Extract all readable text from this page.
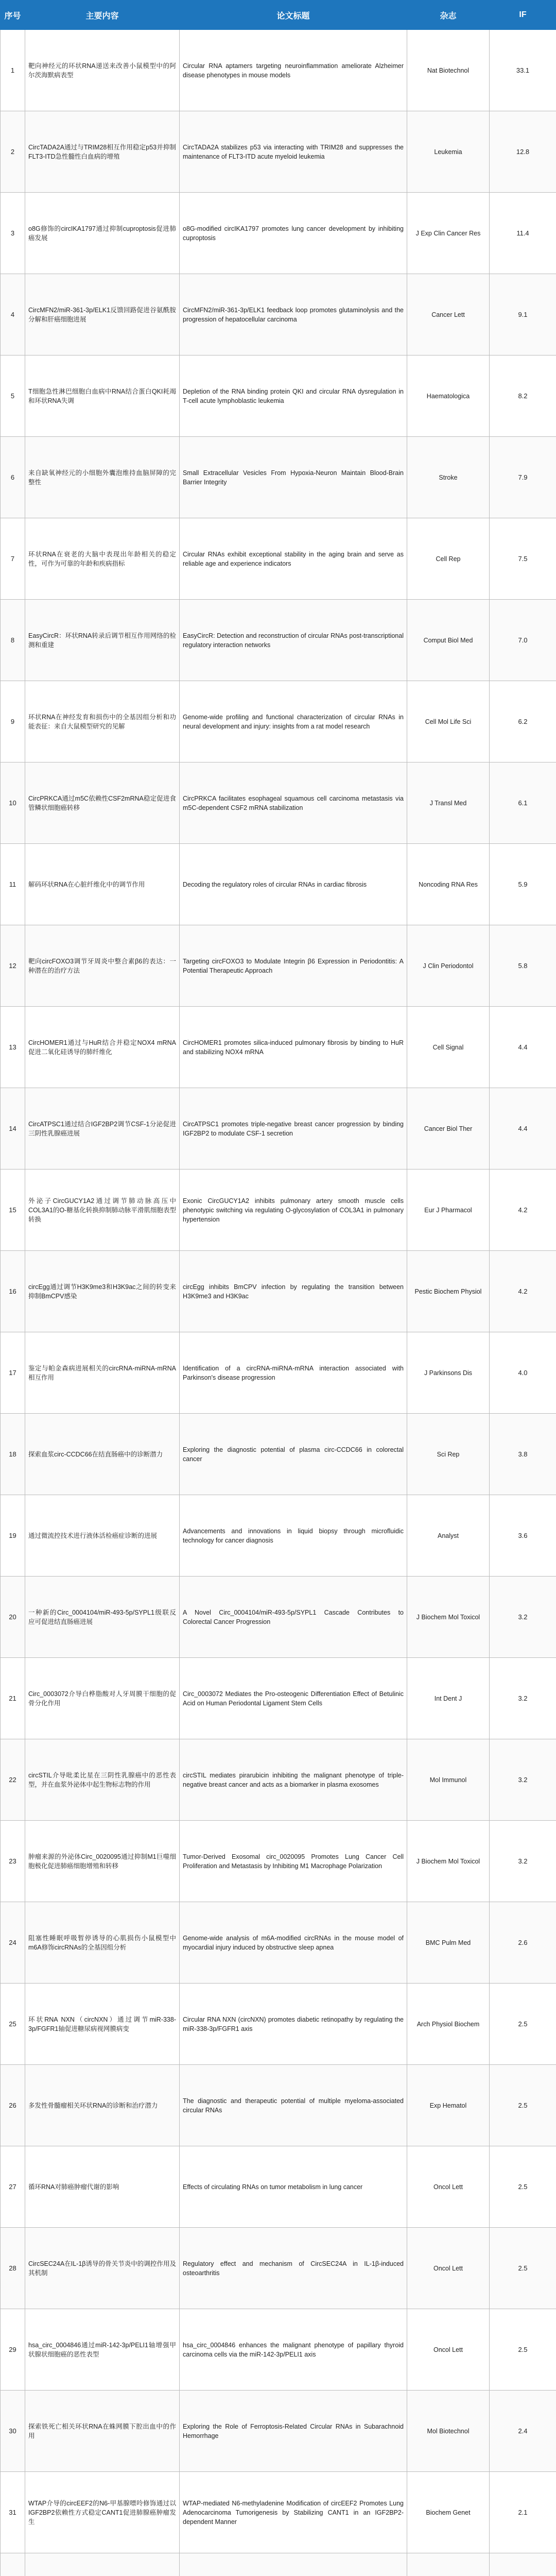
序号	主要内容	论文标题	杂志	IF
1	靶向神经元的环状RNA递送来改善小鼠模型中的阿尔茨海默病表型	Circular RNA aptamers targeting neuroinflammation ameliorate Alzheimer disease phenotypes in mouse models	Nat Biotechnol	33.1
2	CircTADA2A通过与TRIM28相互作用稳定p53并抑制FLT3-ITD急性髓性白血病的增殖	CircTADA2A stabilizes p53 via interacting with TRIM28 and suppresses the maintenance of FLT3-ITD acute myeloid leukemia	Leukemia	12.8
3	o8G修饰的circIKA1797通过抑制cuproptosis促进肺癌发展	o8G-modified circIKA1797 promotes lung cancer development by inhibiting cuproptosis	J Exp Clin Cancer Res	11.4
4	CircMFN2/miR-361-3p/ELK1反馈回路促进谷氨酰胺分解和肝癌细胞进展	CircMFN2/miR-361-3p/ELK1 feedback loop promotes glutaminolysis and the progression of hepatocellular carcinoma	Cancer Lett	9.1
5	T细胞急性淋巴细胞白血病中RNA结合蛋白QKI耗竭和环状RNA失调	Depletion of the RNA binding protein QKI and circular RNA dysregulation in T-cell acute lymphoblastic leukemia	Haematologica	8.2
6	来自缺氧神经元的小细胞外囊泡维持血脑屏障的完整性	Small Extracellular Vesicles From Hypoxia-Neuron Maintain Blood-Brain Barrier Integrity	Stroke	7.9
7	环状RNA在衰老的大脑中表现出年龄相关的稳定性，可作为可靠的年龄和疾病指标	Circular RNAs exhibit exceptional stability in the aging brain and serve as reliable age and experience indicators	Cell Rep	7.5
8	EasyCircR：环状RNA转录后调节相互作用网络的检测和重建	EasyCircR: Detection and reconstruction of circular RNAs post-transcriptional regulatory interaction networks	Comput Biol Med	7.0
9	环状RNA在神经发育和损伤中的全基因组分析和功能表征：来自大鼠模型研究的见解	Genome-wide profiling and functional characterization of circular RNAs in neural development and injury: insights from a rat model research	Cell Mol Life Sci	6.2
10	CircPRKCA通过m5C依赖性CSF2mRNA稳定促进食管鳞状细胞癌转移	CircPRKCA facilitates esophageal squamous cell carcinoma metastasis via m5C-dependent CSF2 mRNA stabilization	J Transl Med	6.1
11	解码环状RNA在心脏纤维化中的调节作用	Decoding the regulatory roles of circular RNAs in cardiac fibrosis	Noncoding RNA Res	5.9
12	靶向circFOXO3调节牙周炎中整合素β6的表达：一种潜在的治疗方法	Targeting circFOXO3 to Modulate Integrin β6 Expression in Periodontitis: A Potential Therapeutic Approach	J Clin Periodontol	5.8
13	CircHOMER1通过与HuR结合并稳定NOX4 mRNA促进二氧化硅诱导的肺纤维化	CircHOMER1 promotes silica-induced pulmonary fibrosis by binding to HuR and stabilizing NOX4 mRNA	Cell Signal	4.4
14	CircATPSC1通过结合IGF2BP2调节CSF-1分泌促进三阴性乳腺癌进展	CircATPSC1 promotes triple-negative breast cancer progression by binding IGF2BP2 to modulate CSF-1 secretion	Cancer Biol Ther	4.4
15	外泌子CircGUCY1A2通过调节肺动脉高压中COL3A1的O-糖基化转换抑制肺动脉平滑肌细胞表型转换	Exonic CircGUCY1A2 inhibits pulmonary artery smooth muscle cells phenotypic switching via regulating O-glycosylation of COL3A1 in pulmonary hypertension	Eur J Pharmacol	4.2
16	circEgg通过调节H3K9me3和H3K9ac之间的转变来抑制BmCPV感染	circEgg inhibits BmCPV infection by regulating the transition between H3K9me3 and H3K9ac	Pestic Biochem Physiol	4.2
17	鉴定与帕金森病进展相关的circRNA-miRNA-mRNA相互作用	Identification of a circRNA-miRNA-mRNA interaction associated with Parkinson's disease progression	J Parkinsons Dis	4.0
18	探索血浆circ-CCDC66在结直肠癌中的诊断潜力	Exploring the diagnostic potential of plasma circ-CCDC66 in colorectal cancer	Sci Rep	3.8
19	通过微流控技术进行液体活检癌症诊断的进展	Advancements and innovations in liquid biopsy through microfluidic technology for cancer diagnosis	Analyst	3.6
20	一种新的Circ_0004104/miR-493-5p/SYPL1级联反应可促进结直肠癌进展	A Novel Circ_0004104/miR-493-5p/SYPL1 Cascade Contributes to Colorectal Cancer Progression	J Biochem Mol Toxicol	3.2
21	Circ_0003072介导白桦脂酸对人牙周膜干细胞的促骨分化作用	Circ_0003072 Mediates the Pro-osteogenic Differentiation Effect of Betulinic Acid on Human Periodontal Ligament Stem Cells	Int Dent J	3.2
22	circSTIL介导吡柔比星在三阴性乳腺癌中的恶性表型，并在血浆外泌体中起生物标志物的作用	circSTIL mediates pirarubicin inhibiting the malignant phenotype of triple-negative breast cancer and acts as a biomarker in plasma exosomes	Mol Immunol	3.2
23	肿瘤来源的外泌体Circ_0020095通过抑制M1巨噬细胞极化促进肺癌细胞增殖和转移	Tumor-Derived Exosomal circ_0020095 Promotes Lung Cancer Cell Proliferation and Metastasis by Inhibiting M1 Macrophage Polarization	J Biochem Mol Toxicol	3.2
24	阻塞性睡眠呼吸暂停诱导的心肌损伤小鼠模型中m6A修饰circRNAs的全基因组分析	Genome-wide analysis of m6A-modified circRNAs in the mouse model of myocardial injury induced by obstructive sleep apnea	BMC Pulm Med	2.6
25	环状RNA NXN（circNXN）通过调节miR-338-3p/FGFR1轴促进糖尿病视网膜病变	Circular RNA NXN (circNXN) promotes diabetic retinopathy by regulating the miR-338-3p/FGFR1 axis	Arch Physiol Biochem	2.5
26	多发性骨髓瘤相关环状RNA的诊断和治疗潜力	The diagnostic and therapeutic potential of multiple myeloma-associated circular RNAs	Exp Hematol	2.5
27	循环RNA对肺癌肿瘤代谢的影响	Effects of circulating RNAs on tumor metabolism in lung cancer	Oncol Lett	2.5
28	CircSEC24A在IL-1β诱导的骨关节炎中的调控作用及其机制	Regulatory effect and mechanism of CircSEC24A in IL-1β-induced osteoarthritis	Oncol Lett	2.5
29	hsa_circ_0004846通过miR-142-3p/PELI1轴增强甲状腺状细胞癌的恶性表型	hsa_circ_0004846 enhances the malignant phenotype of papillary thyroid carcinoma cells via the miR-142-3p/PELI1 axis	Oncol Lett	2.5
30	探索铁死亡相关环状RNA在蛛网膜下腔出血中的作用	Exploring the Role of Ferroptosis-Related Circular RNAs in Subarachnoid Hemorrhage	Mol Biotechnol	2.4
31	WTAP介导的circEEF2的N6-甲基腺嘌呤修饰通过以IGF2BP2依赖性方式稳定CANT1促进肺腺癌肿瘤发生	WTAP-mediated N6-methyladenine Modification of circEEF2 Promotes Lung Adenocarcinoma Tumorigenesis by Stabilizing CANT1 in an IGF2BP2-dependent Manner	Biochem Genet	2.1
